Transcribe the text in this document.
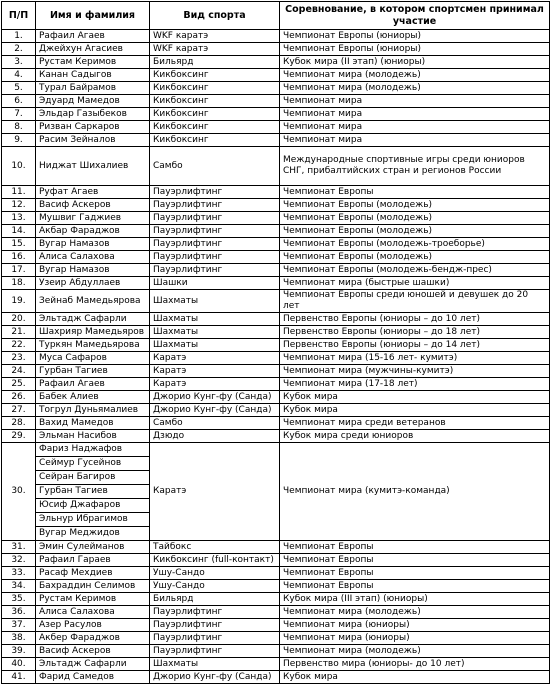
П/П	Имя и фамилия	Вид спорта	Соревнование, в котором спортсмен принимал участие
1.	Рафаил Агаев	WKF каратэ	Чемпионат Европы (юниоры)
2.	Джейхун Агасиев	WKF каратэ	Чемпионат Европы (юниоры)
3.	Рустам Керимов	Бильярд	Кубок мира (II этап) (юниоры)
4.	Канан Садыгов	Кикбоксинг	Чемпионат мира (молодежь)
5.	Турал Байрамов	Кикбоксинг	Чемпионат мира (молодежь)
6.	Эдуард Мамедов	Кикбоксинг	Чемпионат мира
7.	Эльдар Газыбеков	Кикбоксинг	Чемпионат мира
8.	Ризван Саркаров	Кикбоксинг	Чемпионат мира
9.	Расим Зейналов	Кикбоксинг	Чемпионат мира
10.	Ниджат Шихалиев	Самбо	Международные спортивные игры среди юниоров СНГ, прибалтийских стран и регионов России
11.	Руфат Агаев	Пауэрлифтинг	Чемпионат Европы
12.	Васиф Аскеров	Пауэрлифтинг	Чемпионат Европы (молодежь)
13.	Мушвиг Гаджиев	Пауэрлифтинг	Чемпионат Европы (молодежь)
14.	Акбар Фараджов	Пауэрлифтинг	Чемпионат Европы (молодежь)
15.	Вугар Намазов	Пауэрлифтинг	Чемпионат Европы (молодежь-троеборье)
16.	Алиса Салахова	Пауэрлифтинг	Чемпионат Европы (молодежь)
17.	Вугар Намазов	Пауэрлифтинг	Чемпионат Европы (молодежь-бендж-прес)
18.	Узеир Абдуллаев	Шашки	Чемпионат мира (быстрые шашки)
19.	Зейнаб Мамедьярова	Шахматы	Чемпионат Европы среди юношей и девушек до 20 лет
20.	Эльтадж Сафарли	Шахматы	Первенство Европы (юниоры – до 10 лет)
21.	Шахрияр Мамедьяров	Шахматы	Первенство Европы (юниоры – до 18 лет)
22.	Туркян Мамедьярова	Шахматы	Первенство Европы (юниоры – до 14 лет)
23.	Муса Сафаров	Каратэ	Чемпионат мира (15-16 лет- кумитэ)
24.	Гурбан Тагиев	Каратэ	Чемпионат мира (мужчины-кумитэ)
25.	Рафаил Агаев	Каратэ	Чемпионат мира (17-18 лет)
26.	Бабек Алиев	Джорио Кунг-фу (Санда)	Кубок мира
27.	Тогрул Дуньямалиев	Джорио Кунг-фу (Санда)	Кубок мира
28.	Вахид Мамедов	Самбо	Чемпионат мира среди ветеранов
29.	Эльман Насибов	Дзюдо	Кубок мира среди юниоров
30.	Фариз Наджафов	Каратэ	Чемпионат мира (кумитэ-команда)
	Сеймур Гусейнов		
	Сейран Багиров		
	Гурбан Тагиев		
	Юсиф Джафаров		
	Эльнур Ибрагимов		
	Вугар Меджидов		
31.	Эмин Сулейманов	Тайбокс	Чемпионат Европы
32.	Рафаил Гараев	Кикбоксинг (full-контакт)	Чемпионат Европы
33.	Расаф Мехдиев	Ушу-Сандо	Чемпионат Европы
34.	Бахраддин Селимов	Ушу-Сандо	Чемпионат Европы
35.	Рустам Керимов	Бильярд	Кубок мира (III этап) (юниоры)
36.	Алиса Салахова	Пауэрлифтинг	Чемпионат мира (молодежь)
37.	Азер Расулов	Пауэрлифтинг	Чемпионат мира (юниоры)
38.	Акбер Фараджов	Пауэрлифтинг	Чемпионат мира (юниоры)
39.	Васиф Аскеров	Пауэрлифтинг	Чемпионат мира (молодежь)
40.	Эльтадж Сафарли	Шахматы	Первенство мира (юниоры- до 10 лет)
41.	Фарид Самедов	Джорио Кунг-фу (Санда)	Кубок мира
